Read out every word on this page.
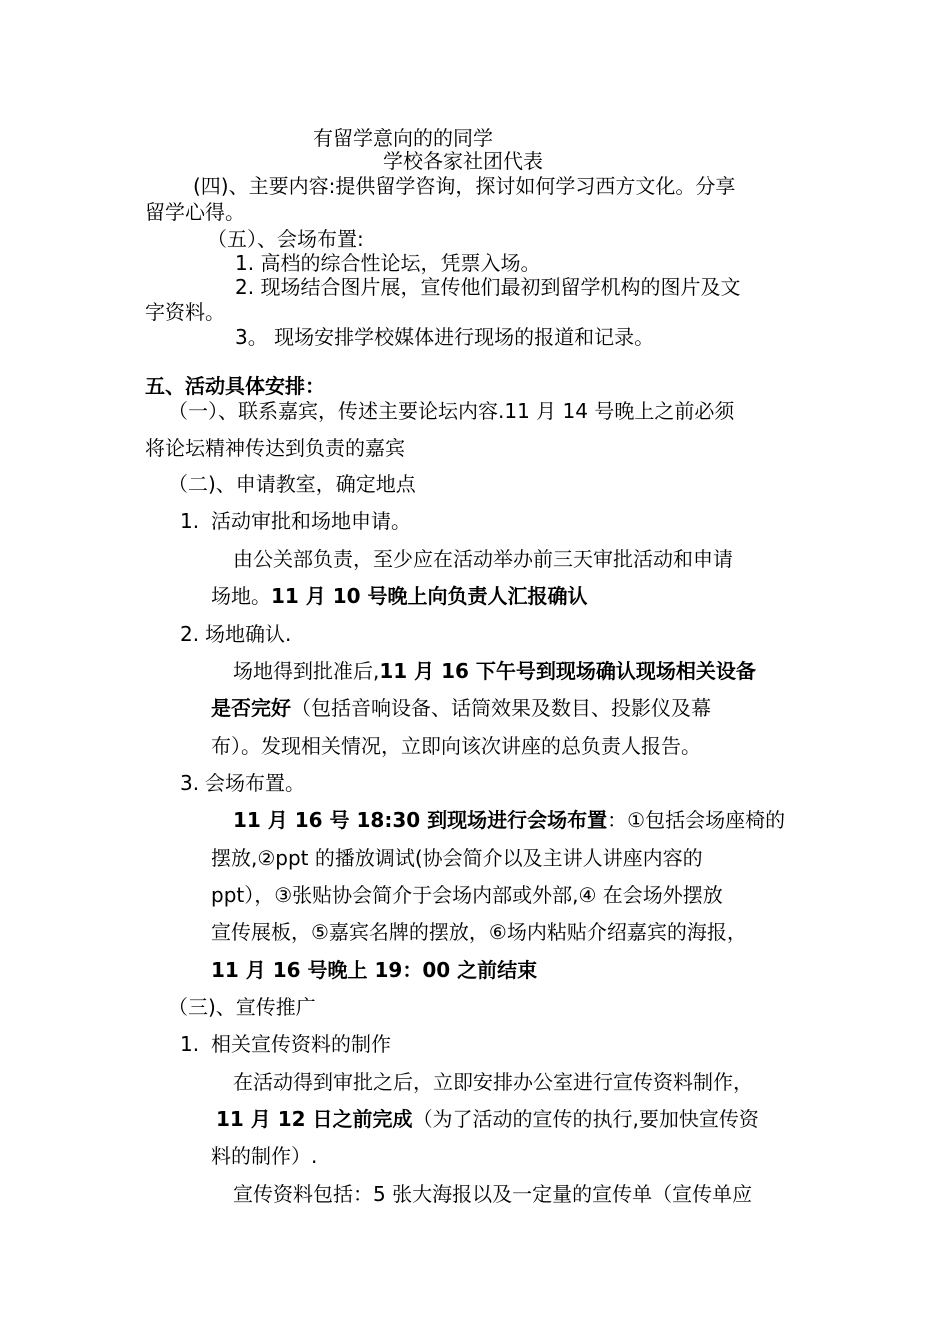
有留学意向的的同学
学校各家社团代表
(四)、主要内容:提供留学咨询，探讨如何学习西方文化。分享
留学心得。
（五）、会场布置:
1. 高档的综合性论坛，凭票入场。
2. 现场结合图片展，宣传他们最初到留学机构的图片及文
字资料。
3。 现场安排学校媒体进行现场的报道和记录。
五、活动具体安排：
（一）、联系嘉宾，传述主要论坛内容.11 月 14 号晚上之前必须
将论坛精神传达到负责的嘉宾
（二)、申请教室，确定地点
1. 活动审批和场地申请。
由公关部负责，至少应在活动举办前三天审批活动和申请
场地。11 月 10 号晚上向负责人汇报确认
2. 场地确认.
场地得到批准后,11 月 16 下午号到现场确认现场相关设备
是否完好（包括音响设备、话筒效果及数目、投影仪及幕
布）。发现相关情况，立即向该次讲座的总负责人报告。
3. 会场布置。
11 月 16 号 18:30 到现场进行会场布置：①包括会场座椅的
摆放,②ppt 的播放调试(协会简介以及主讲人讲座内容的
ppt），③张贴协会简介于会场内部或外部,④ 在会场外摆放
宣传展板，⑤嘉宾名牌的摆放，⑥场内粘贴介绍嘉宾的海报，
11 月 16 号晚上 19：00 之前结束
（三)、宣传推广
1. 相关宣传资料的制作
在活动得到审批之后，立即安排办公室进行宣传资料制作，
11 月 12 日之前完成（为了活动的宣传的执行,要加快宣传资
料的制作）.
宣传资料包括：5 张大海报以及一定量的宣传单（宣传单应
